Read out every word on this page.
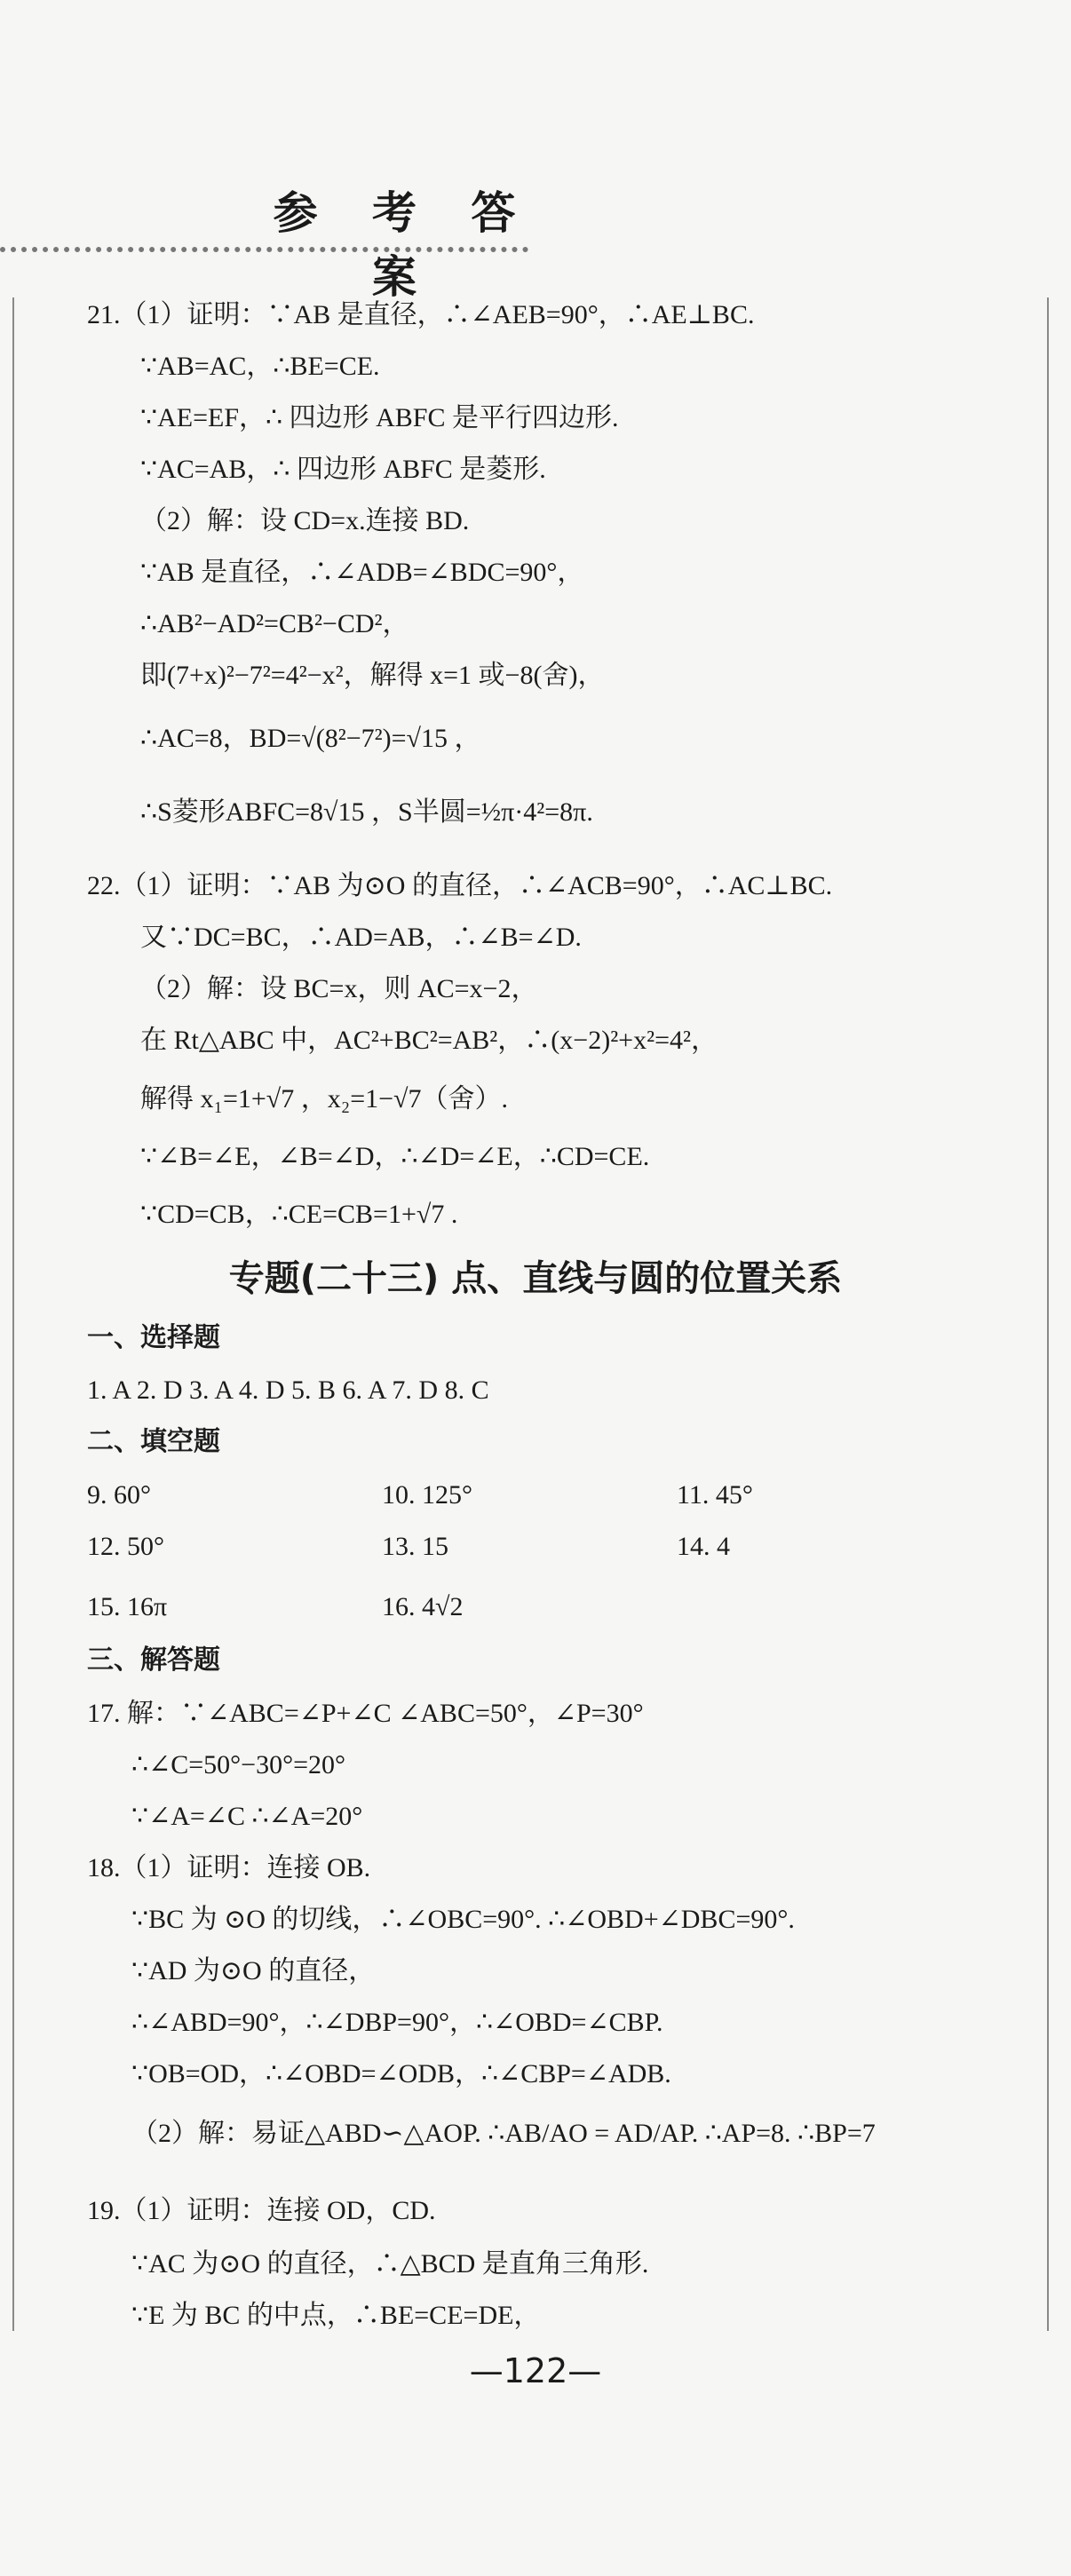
参 考 答 案
21.（1）证明：∵AB 是直径，∴∠AEB=90°，∴AE⊥BC.
∵AB=AC，∴BE=CE.
∵AE=EF，∴ 四边形 ABFC 是平行四边形.
∵AC=AB，∴ 四边形 ABFC 是菱形.
（2）解：设 CD=x.连接 BD.
∵AB 是直径，∴∠ADB=∠BDC=90°，
∴AB²−AD²=CB²−CD²，
即(7+x)²−7²=4²−x²，解得 x=1 或−8(舍)，
∴AC=8，BD=√(8²−7²)=√15 ，
∴S菱形ABFC=8√15 ，S半圆=½π·4²=8π.
22.（1）证明：∵AB 为⊙O 的直径，∴∠ACB=90°，∴AC⊥BC.
又∵DC=BC，∴AD=AB，∴∠B=∠D.
（2）解：设 BC=x，则 AC=x−2，
在 Rt△ABC 中，AC²+BC²=AB²，∴(x−2)²+x²=4²，
解得 x₁=1+√7 ，x₂=1−√7（舍）.
∵∠B=∠E，∠B=∠D，∴∠D=∠E，∴CD=CE.
∵CD=CB，∴CE=CB=1+√7 .
专题(二十三) 点、直线与圆的位置关系
一、选择题
1. A 2. D 3. A 4. D 5. B 6. A 7. D 8. C
二、填空题
9. 60°	10. 125°	11. 45°
12. 50°	13. 15	14. 4
15. 16π	16. 4√2
三、解答题
17. 解：∵∠ABC=∠P+∠C ∠ABC=50°，∠P=30°
∴∠C=50°−30°=20°
∵∠A=∠C ∴∠A=20°
18.（1）证明：连接 OB.
∵BC 为 ⊙O 的切线，∴∠OBC=90°. ∴∠OBD+∠DBC=90°.
∵AD 为⊙O 的直径，
∴∠ABD=90°，∴∠DBP=90°，∴∠OBD=∠CBP.
∵OB=OD，∴∠OBD=∠ODB，∴∠CBP=∠ADB.
（2）解：易证△ABD∽△AOP. ∴AB/AO = AD/AP. ∴AP=8. ∴BP=7
19.（1）证明：连接 OD，CD.
∵AC 为⊙O 的直径，∴△BCD 是直角三角形.
∵E 为 BC 的中点，∴BE=CE=DE，
—122—
